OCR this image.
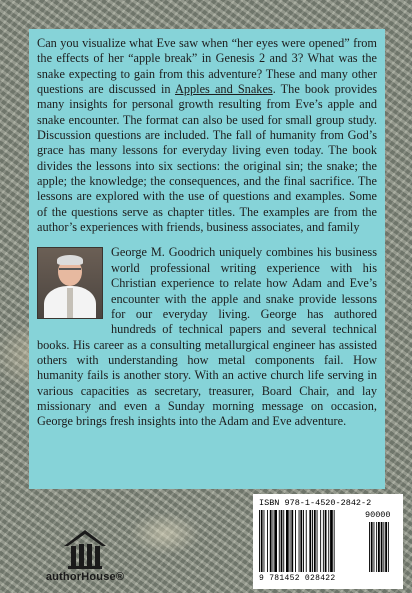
Can you visualize what Eve saw when “her eyes were opened” from the effects of her “apple break” in Genesis 2 and 3? What was the snake expecting to gain from this adventure? These and many other questions are discussed in Apples and Snakes. The book provides many insights for personal growth resulting from Eve’s apple and snake encounter. The format can also be used for small group study. Discussion questions are included. The fall of humanity from God’s grace has many lessons for everyday living even today. The book divides the lessons into six sections: the original sin; the snake; the apple; the knowledge; the consequences, and the final sacrifice. The lessons are explored with the use of questions and examples. Some of the questions serve as chapter titles. The examples are from the author’s experiences with friends, business associates, and family

George M. Goodrich uniquely combines his business world professional writing experience with his Christian experience to relate how Adam and Eve’s encounter with the apple and snake provide lessons for our everyday living. George has authored hundreds of technical papers and several technical books. His career as a consulting metallurgical engineer has assisted others with understanding how metal components fail. How humanity fails is another story. With an active church life serving in various capacities as secretary, treasurer, Board Chair, and lay missionary and even a Sunday morning message on occasion, George brings fresh insights into the Adam and Eve adventure.

authorHouse®
ISBN 978-1-4520-2842-2
90000
9 781452 028422
